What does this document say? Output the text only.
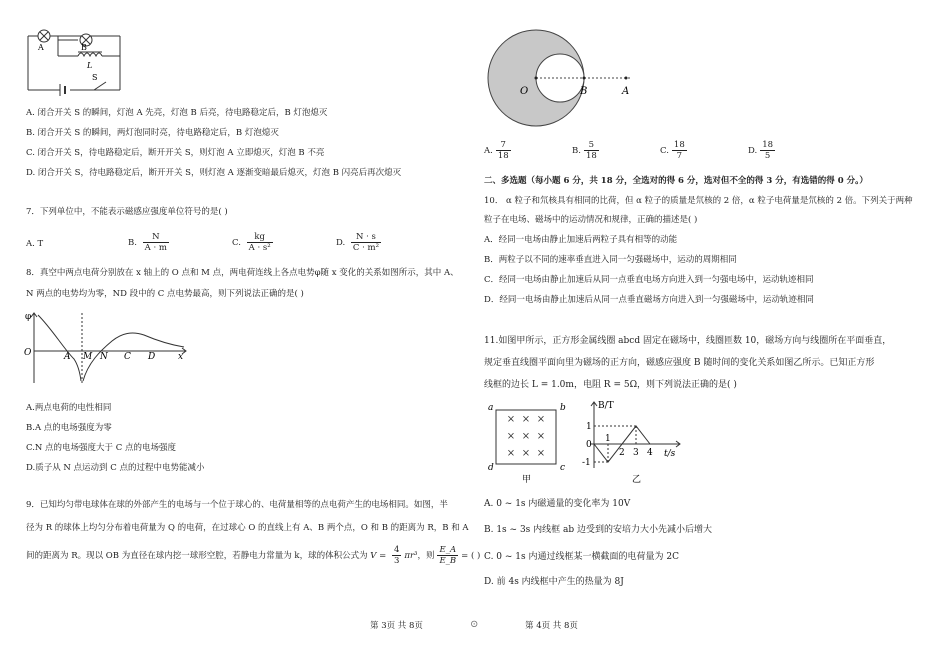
A	B
L
S
A. 闭合开关 S 的瞬间，灯泡 A 先亮，灯泡 B 后亮，待电路稳定后，B 灯泡熄灭
B. 闭合开关 S 的瞬间，两灯泡同时亮，待电路稳定后，B 灯泡熄灭
C. 闭合开关 S，待电路稳定后，断开开关 S，则灯泡 A 立即熄灭，灯泡 B 不亮
D. 闭合开关 S，待电路稳定后，断开开关 S，则灯泡 A 逐渐变暗最后熄灭，灯泡 B 闪亮后再次熄灭
7．下列单位中，不能表示磁感应强度单位符号的是( )
A. T	B. $\frac{N}{A \cdot m}$	C. $\frac{kg}{\text{A · s²}}$	D. $\frac{N \cdot s}{\text{C · m²}}$
8．真空中两点电荷分别放在 x 轴上的 O 点和 M 点，两电荷连线上各点电势φ随 x 变化的关系如图所示，其中 A、
N 两点的电势均为零，ND 段中的 C 点电势最高，则下列说法正确的是( )
φ
O	A M N C D	x
A.两点电荷的电性相同
B.A 点的电场强度为零
C.N 点的电场强度大于 C 点的电场强度
D.质子从 N 点运动到 C 点的过程中电势能减小
9．已知均匀带电球体在球的外部产生的电场与一个位于球心的、电荷量相等的点电荷产生的电场相同。如图，半
径为 R 的球体上均匀分布着电荷量为 Q 的电荷，在过球心 O 的直线上有 A、B 两个点，O 和 B 的距离为 R，B 和 A
间的距离为 R。现以 OB 为直径在球内挖一球形空腔，若静电力常量为 k，球的体积公式为 $V = \frac{4}{3} \pi r^3$，则 $\frac{E\_A}{E\_B}$ = ( )
第 3页 共 8页	⊙	第 4页 共 8页
O	B	A
A. $\frac{7}{18}$	B. $\frac{5}{18}$	C. $\frac{18}{7}$	D. $\frac{18}{5}$
二、多选题（每小题 6 分，共 18 分，全选对的得 6 分，选对但不全的得 3 分，有选错的得 0 分。）
10． α 粒子和氘核具有相同的比荷，但 α 粒子的质量是氘核的 2 倍，α 粒子电荷量是氘核的 2 倍。下列关于两种
粒子在电场、磁场中的运动情况和规律，正确的描述是( )
A．经同一电场由静止加速后两粒子具有相等的动能
B．两粒子以不同的速率垂直进入同一匀强磁场中，运动的周期相同
C．经同一电场由静止加速后从同一点垂直电场方向进入到一匀强电场中，运动轨迹相同
D．经同一电场由静止加速后从同一点垂直磁场方向进入到一匀强磁场中，运动轨迹相同
11.如图甲所示，正方形金属线圈 abcd 固定在磁场中，线圈匝数 10，磁场方向与线圈所在平面垂直，
规定垂直线圈平面向里为磁场的正方向，磁感应强度 B 随时间的变化关系如图乙所示。已知正方形
线框的边长 L = 1.0m，电阻 R = 5Ω，则下列说法正确的是( )
× × ×
× × ×
× × ×
a	b
c
d
甲
B/T
t/s
1
-1
0
1
2 3 4
乙
A. 0 ~ 1s 内磁通量的变化率为 10V
B. 1s ~ 3s 内线框 ab 边受到的安培力大小先减小后增大
C. 0 ~ 1s 内通过线框某一横截面的电荷量为 2C
D. 前 4s 内线框中产生的热量为 8J
